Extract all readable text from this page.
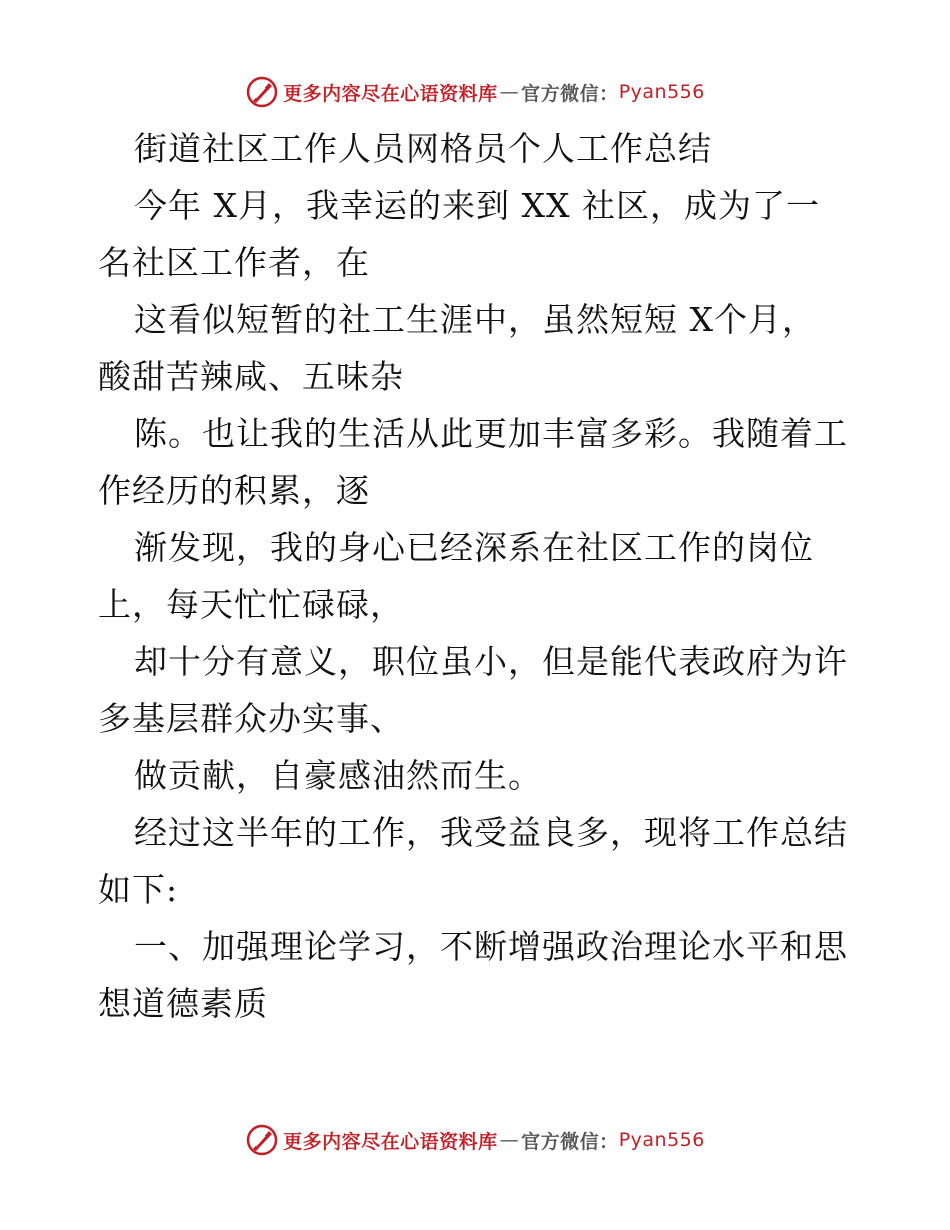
更多内容尽在心语资料库 — 官方微信： Pyan556

街道社区工作人员网格员个人工作总结

今年 X月，我幸运的来到 XX 社区，成为了一

名社区工作者，在

这看似短暂的社工生涯中，虽然短短 X个月，

酸甜苦辣咸、五味杂

陈。也让我的生活从此更加丰富多彩。我随着工

作经历的积累，逐

渐发现，我的身心已经深系在社区工作的岗位

上，每天忙忙碌碌，

却十分有意义，职位虽小，但是能代表政府为许

多基层群众办实事、

做贡献，自豪感油然而生。

经过这半年的工作，我受益良多，现将工作总结

如下:

一、加强理论学习，不断增强政治理论水平和思

想道德素质

更多内容尽在心语资料库 — 官方微信： Pyan556
